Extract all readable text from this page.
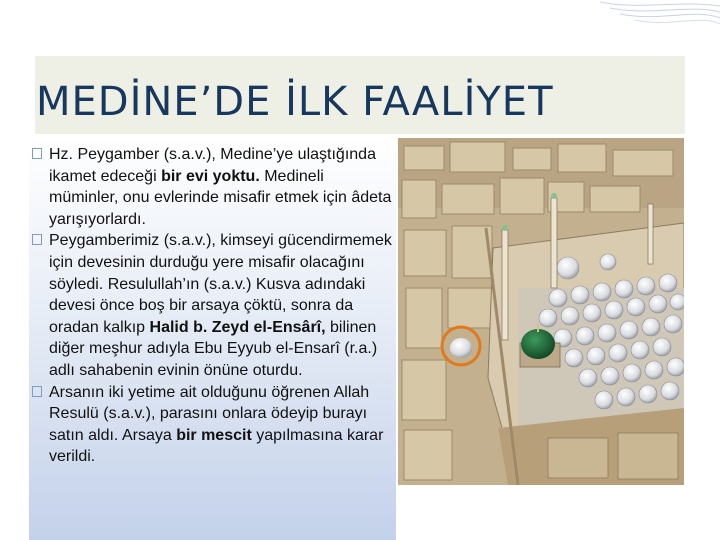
MEDİNE’DE İLK FAALİYET
Hz. Peygamber (s.a.v.), Medine’ye ulaştığında ikamet edeceği bir evi yoktu. Medineli müminler, onu evlerinde misafir etmek için âdeta yarışıyorlardı.
Peygamberimiz (s.a.v.), kimseyi gücendirmemek için devesinin durduğu yere misafir olacağını söyledi. Resulullah’ın (s.a.v.) Kusva adındaki devesi önce boş bir arsaya çöktü, sonra da oradan kalkıp Halid b. Zeyd el-Ensârî, bilinen diğer meşhur adıyla Ebu Eyyub el-Ensarî (r.a.) adlı sahabenin evinin önüne oturdu.
Arsanın iki yetime ait olduğunu öğrenen Allah Resulü (s.a.v.), parasını onlara ödeyip burayı satın aldı. Arsaya bir mescit yapılmasına karar verildi.
